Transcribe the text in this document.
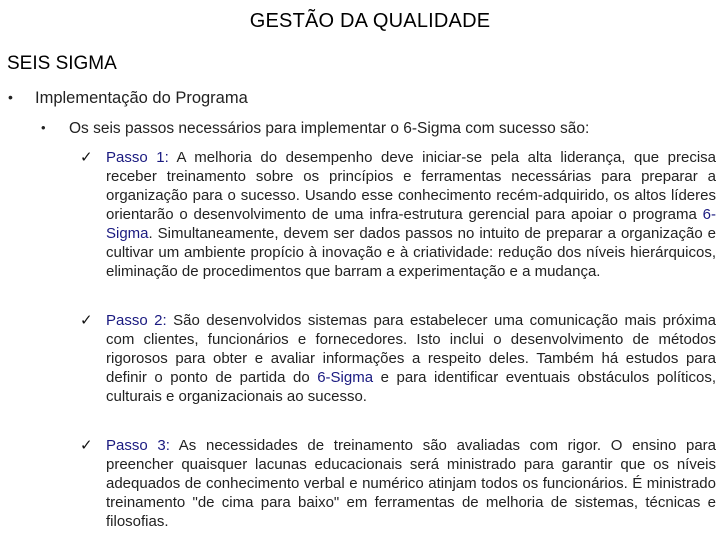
GESTÃO DA QUALIDADE
SEIS SIGMA
• Implementação do Programa
• Os seis passos necessários para implementar o 6-Sigma com sucesso são:
✓ Passo 1: A melhoria do desempenho deve iniciar-se pela alta liderança, que precisa receber treinamento sobre os princípios e ferramentas necessárias para preparar a organização para o sucesso. Usando esse conhecimento recém-adquirido, os altos líderes orientarão o desenvolvimento de uma infra-estrutura gerencial para apoiar o programa 6-Sigma. Simultaneamente, devem ser dados passos no intuito de preparar a organização e cultivar um ambiente propício à inovação e à criatividade: redução dos níveis hierárquicos, eliminação de procedimentos que barram a experimentação e a mudança.
✓ Passo 2: São desenvolvidos sistemas para estabelecer uma comunicação mais próxima com clientes, funcionários e fornecedores. Isto inclui o desenvolvimento de métodos rigorosos para obter e avaliar informações a respeito deles. Também há estudos para definir o ponto de partida do 6-Sigma e para identificar eventuais obstáculos políticos, culturais e organizacionais ao sucesso.
✓ Passo 3: As necessidades de treinamento são avaliadas com rigor. O ensino para preencher quaisquer lacunas educacionais será ministrado para garantir que os níveis adequados de conhecimento verbal e numérico atinjam todos os funcionários. É ministrado treinamento "de cima para baixo" em ferramentas de melhoria de sistemas, técnicas e filosofias.
